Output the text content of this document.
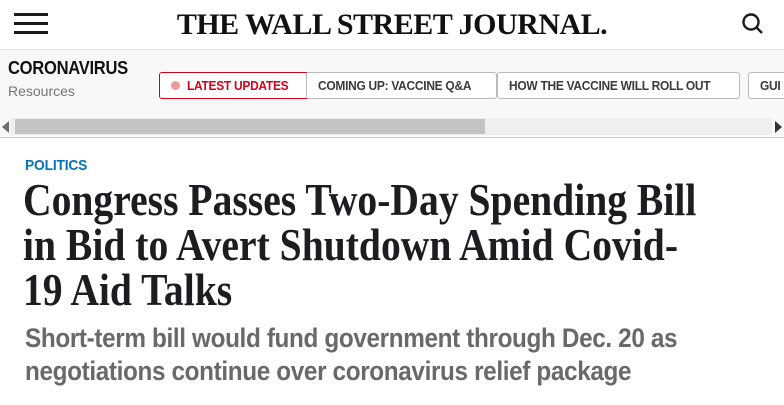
THE WALL STREET JOURNAL.
CORONAVIRUS
Resources	LATEST UPDATES COMING UP: VACCINE Q&A	HOW THE VACCINE WILL ROLL OUT	GUI
POLITICS
Congress Passes Two-Day Spending Bill
in Bid to Avert Shutdown Amid Covid-
19 Aid Talks
Short-term bill would fund government through Dec. 20 as
negotiations continue over coronavirus relief package
